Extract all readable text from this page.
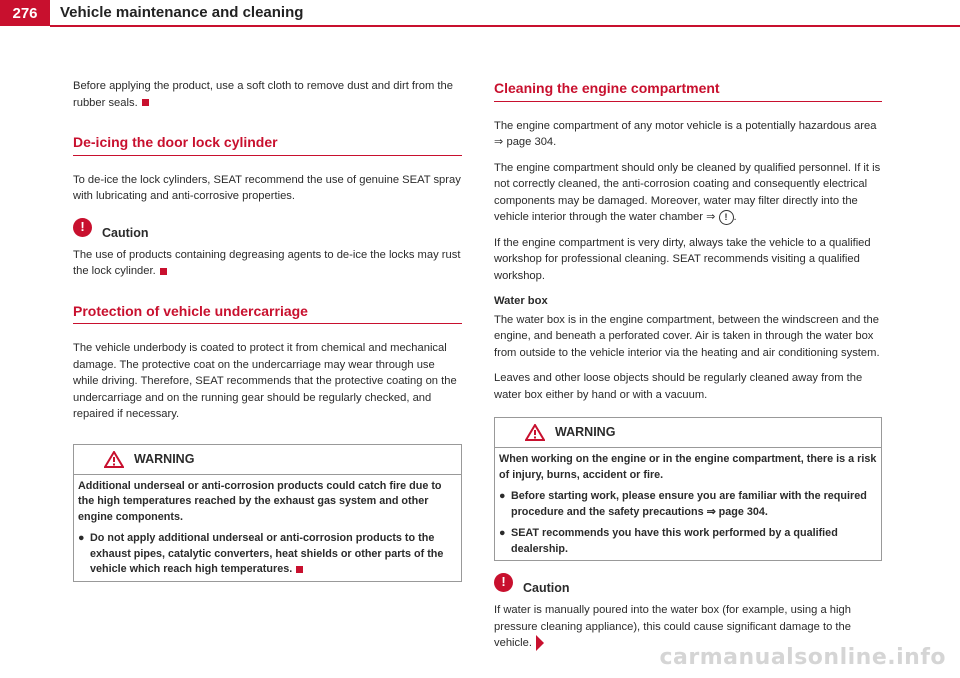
276	Vehicle maintenance and cleaning

Before applying the product, use a soft cloth to remove dust and dirt from the rubber seals.

De-icing the door lock cylinder

To de-ice the lock cylinders, SEAT recommend the use of genuine SEAT spray with lubricating and anti-corrosive properties.

!	Caution

The use of products containing degreasing agents to de-ice the locks may rust the lock cylinder.

Protection of vehicle undercarriage

The vehicle underbody is coated to protect it from chemical and mechanical damage. The protective coat on the undercarriage may wear through use while driving. Therefore, SEAT recommends that the protective coating on the undercarriage and on the running gear should be regularly checked, and repaired if necessary.

WARNING

Additional underseal or anti-corrosion products could catch fire due to the high temperatures reached by the exhaust gas system and other engine components.

● Do not apply additional underseal or anti-corrosion products to the exhaust pipes, catalytic converters, heat shields or other parts of the vehicle which reach high temperatures.
Cleaning the engine compartment

The engine compartment of any motor vehicle is a potentially hazardous area ⇒ page 304.

The engine compartment should only be cleaned by qualified personnel. If it is not correctly cleaned, the anti-corrosion coating and consequently electrical components may be damaged. Moreover, water may filter directly into the vehicle interior through the water chamber ⇒ ! .

If the engine compartment is very dirty, always take the vehicle to a qualified workshop for professional cleaning. SEAT recommends visiting a qualified workshop.

Water box

The water box is in the engine compartment, between the windscreen and the engine, and beneath a perforated cover. Air is taken in through the water box from outside to the vehicle interior via the heating and air conditioning system.

Leaves and other loose objects should be regularly cleaned away from the water box either by hand or with a vacuum.

WARNING

When working on the engine or in the engine compartment, there is a risk of injury, burns, accident or fire.

● Before starting work, please ensure you are familiar with the required procedure and the safety precautions ⇒ page 304.
● SEAT recommends you have this work performed by a qualified dealership.
!	Caution

If water is manually poured into the water box (for example, using a high pressure cleaning appliance), this could cause significant damage to the vehicle.

carmanualsonline.info
